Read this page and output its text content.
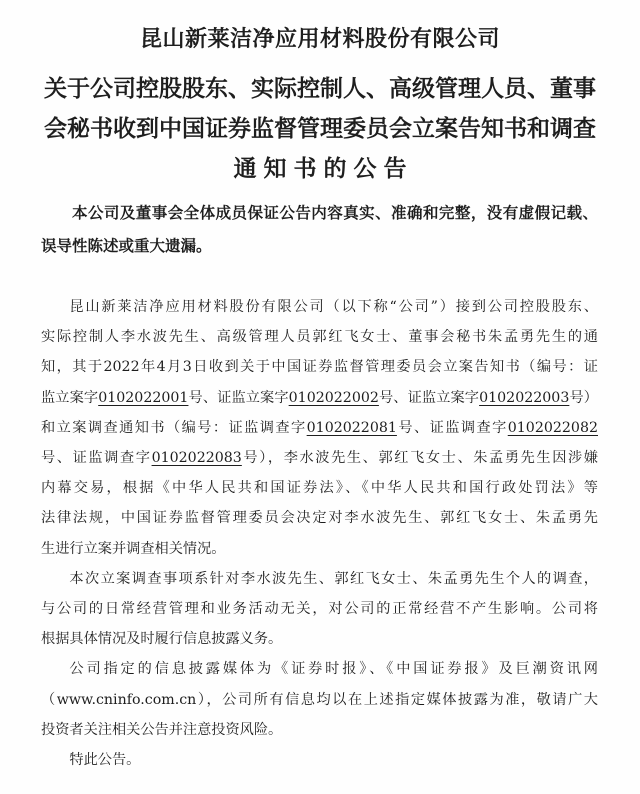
昆山新莱洁净应用材料股份有限公司
关于公司控股股东、实际控制人、高级管理人员、董事
会秘书收到中国证券监督管理委员会立案告知书和调查
通知书的公告
本公司及董事会全体成员保证公告内容真实、准确和完整，没有虚假记载、
误导性陈述或重大遗漏。
昆山新莱洁净应用材料股份有限公司（以下称“公司”）接到公司控股股东、
实际控制人李水波先生、高级管理人员郭红飞女士、董事会秘书朱孟勇先生的通
知，其于2022年4月3日收到关于中国证券监督管理委员会立案告知书（编号：证
监立案字0102022001号、证监立案字0102022002号、证监立案字0102022003号）
和立案调查通知书（编号：证监调查字0102022081号、证监调查字0102022082
号、证监调查字0102022083号），李水波先生、郭红飞女士、朱孟勇先生因涉嫌
内幕交易，根据《中华人民共和国证券法》、《中华人民共和国行政处罚法》等
法律法规，中国证券监督管理委员会决定对李水波先生、郭红飞女士、朱孟勇先
生进行立案并调查相关情况。
本次立案调查事项系针对李水波先生、郭红飞女士、朱孟勇先生个人的调查，
与公司的日常经营管理和业务活动无关，对公司的正常经营不产生影响。公司将
根据具体情况及时履行信息披露义务。
公司指定的信息披露媒体为《证券时报》、《中国证券报》及巨潮资讯网
（www.cninfo.com.cn），公司所有信息均以在上述指定媒体披露为准，敬请广大
投资者关注相关公告并注意投资风险。
特此公告。
